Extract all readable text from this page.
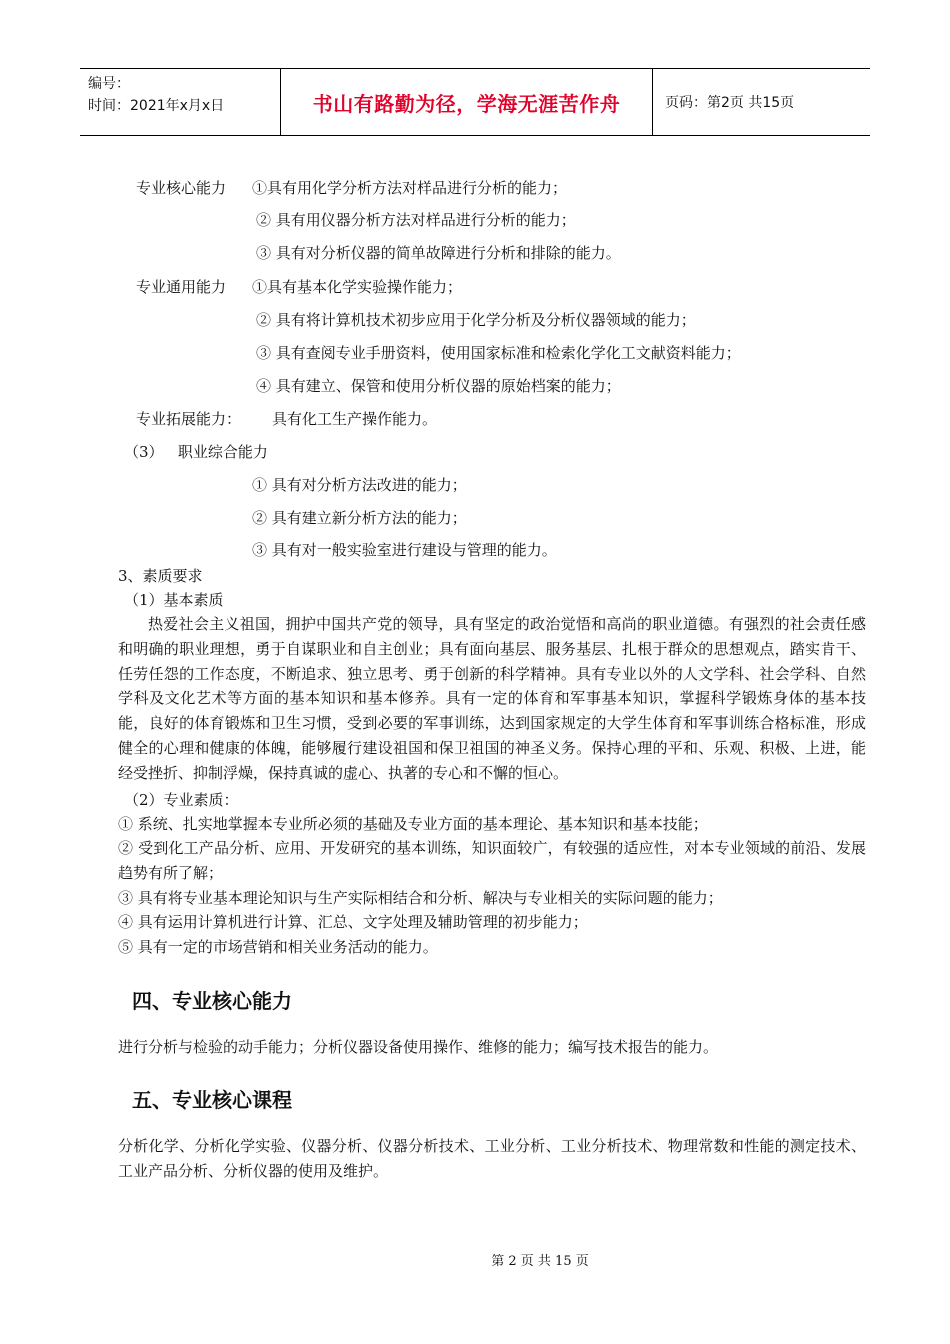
编号：
时间：2021年x月x日	书山有路勤为径，学海无涯苦作舟	页码：第2页 共15页
专业核心能力 ①具有用化学分析方法对样品进行分析的能力；
② 具有用仪器分析方法对样品进行分析的能力；
③ 具有对分析仪器的简单故障进行分析和排除的能力。
专业通用能力 ①具有基本化学实验操作能力；
② 具有将计算机技术初步应用于化学分析及分析仪器领域的能力；
③ 具有查阅专业手册资料，使用国家标准和检索化学化工文献资料能力；
④ 具有建立、保管和使用分析仪器的原始档案的能力；
专业拓展能力： 具有化工生产操作能力。
（3）   职业综合能力
① 具有对分析方法改进的能力；
② 具有建立新分析方法的能力；
③ 具有对一般实验室进行建设与管理的能力。
3、素质要求
（1）基本素质
热爱社会主义祖国，拥护中国共产党的领导，具有坚定的政治觉悟和高尚的职业道德。有强烈的社会责任感和明确的职业理想，勇于自谋职业和自主创业；具有面向基层、服务基层、扎根于群众的思想观点，踏实肯干、任劳任怨的工作态度，不断追求、独立思考、勇于创新的科学精神。具有专业以外的人文学科、社会学科、自然学科及文化艺术等方面的基本知识和基本修养。具有一定的体育和军事基本知识，掌握科学锻炼身体的基本技能，良好的体育锻炼和卫生习惯，受到必要的军事训练，达到国家规定的大学生体育和军事训练合格标准，形成健全的心理和健康的体魄，能够履行建设祖国和保卫祖国的神圣义务。保持心理的平和、乐观、积极、上进，能经受挫折、抑制浮燥，保持真诚的虚心、执著的专心和不懈的恒心。
（2）专业素质：
① 系统、扎实地掌握本专业所必须的基础及专业方面的基本理论、基本知识和基本技能；
② 受到化工产品分析、应用、开发研究的基本训练，知识面较广，有较强的适应性，对本专业领域的前沿、发展趋势有所了解；
③ 具有将专业基本理论知识与生产实际相结合和分析、解决与专业相关的实际问题的能力；
④ 具有运用计算机进行计算、汇总、文字处理及辅助管理的初步能力；
⑤ 具有一定的市场营销和相关业务活动的能力。
四、专业核心能力
进行分析与检验的动手能力；分析仪器设备使用操作、维修的能力；编写技术报告的能力。
五、专业核心课程
分析化学、分析化学实验、仪器分析、仪器分析技术、工业分析、工业分析技术、物理常数和性能的测定技术、工业产品分析、分析仪器的使用及维护。
第 2 页 共 15 页
